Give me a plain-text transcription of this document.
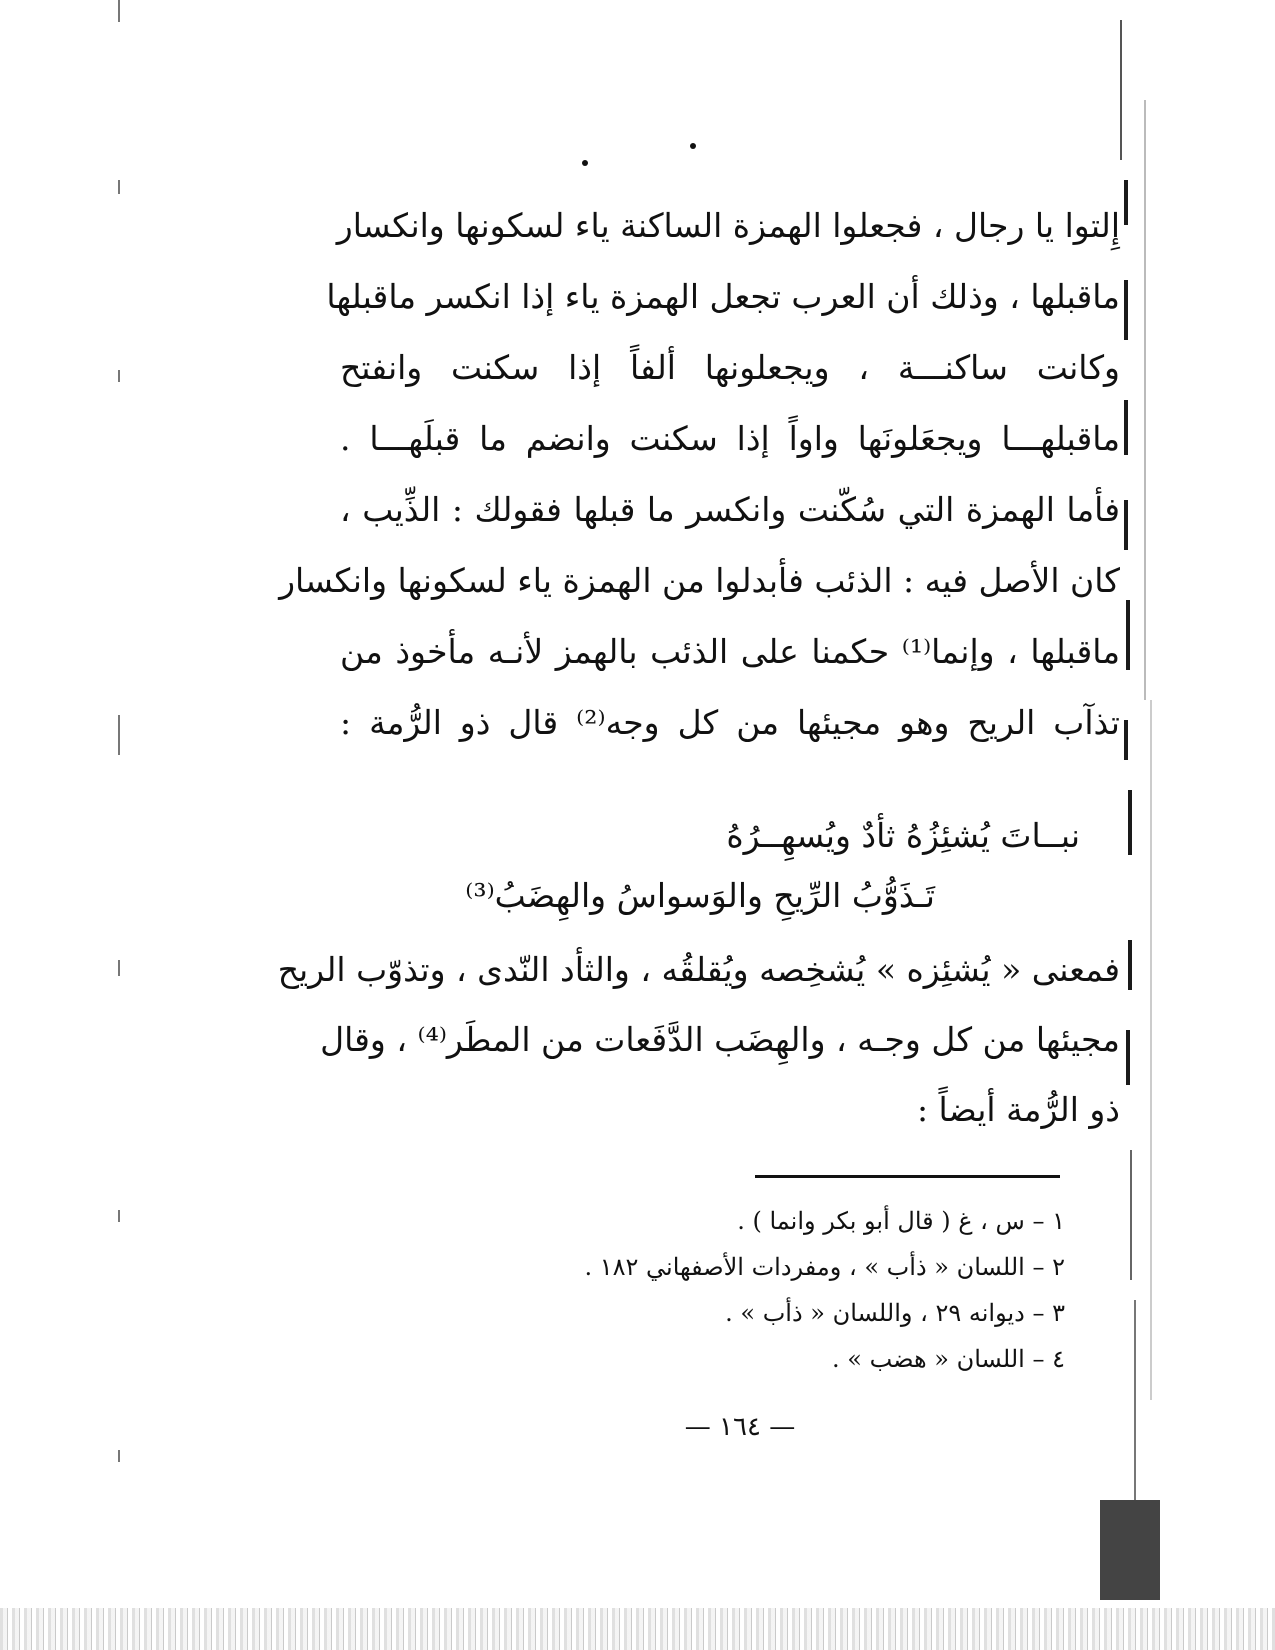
إِلتوا يا رجال ، فجعلوا الهمزة الساكنة ياء لسكونها وانكسار
ماقبلها ، وذلك أن العرب تجعل الهمزة ياء إذا انكسر ماقبلها
وكانت ساكنـــة ، ويجعلونها ألفاً إذا سكنت وانفتح
ماقبلهـــا ويجعَلونَها واواً إذا سكنت وانضم ما قبلَهـــا .
فأما الهمزة التي سُكّنت وانكسر ما قبلها فقولك : الذِّيب ،
كان الأصل فيه : الذئب فأبدلوا من الهمزة ياء لسكونها وانكسار
ماقبلها ، وإنما⁽¹⁾ حكمنا على الذئب بالهمز لأنـه مأخوذ من
تذآب الريح وهو مجيئها من كل وجه⁽²⁾ قال ذو الرُّمة :
نبــاتَ يُشئِزُهُ ثأدٌ ويُسهِــرُهُ
تَـذَوُّبُ الرِّيحِ والوَسواسُ والهِضَبُ⁽³⁾
فمعنى « يُشئِزه » يُشخِصه ويُقلقُه ، والثأد النّدى ، وتذوّب الريح
مجيئها من كل وجـه ، والهِضَب الدَّفَعات من المطَر⁽⁴⁾ ، وقال
ذو الرُّمة أيضاً :
١ – س ، غ ( قال أبو بكر وانما ) .
٢ – اللسان « ذأب » ، ومفردات الأصفهاني ١٨٢ .
٣ – ديوانه ٢٩ ، واللسان « ذأب » .
٤ – اللسان « هضب » .
— ١٦٤ —
